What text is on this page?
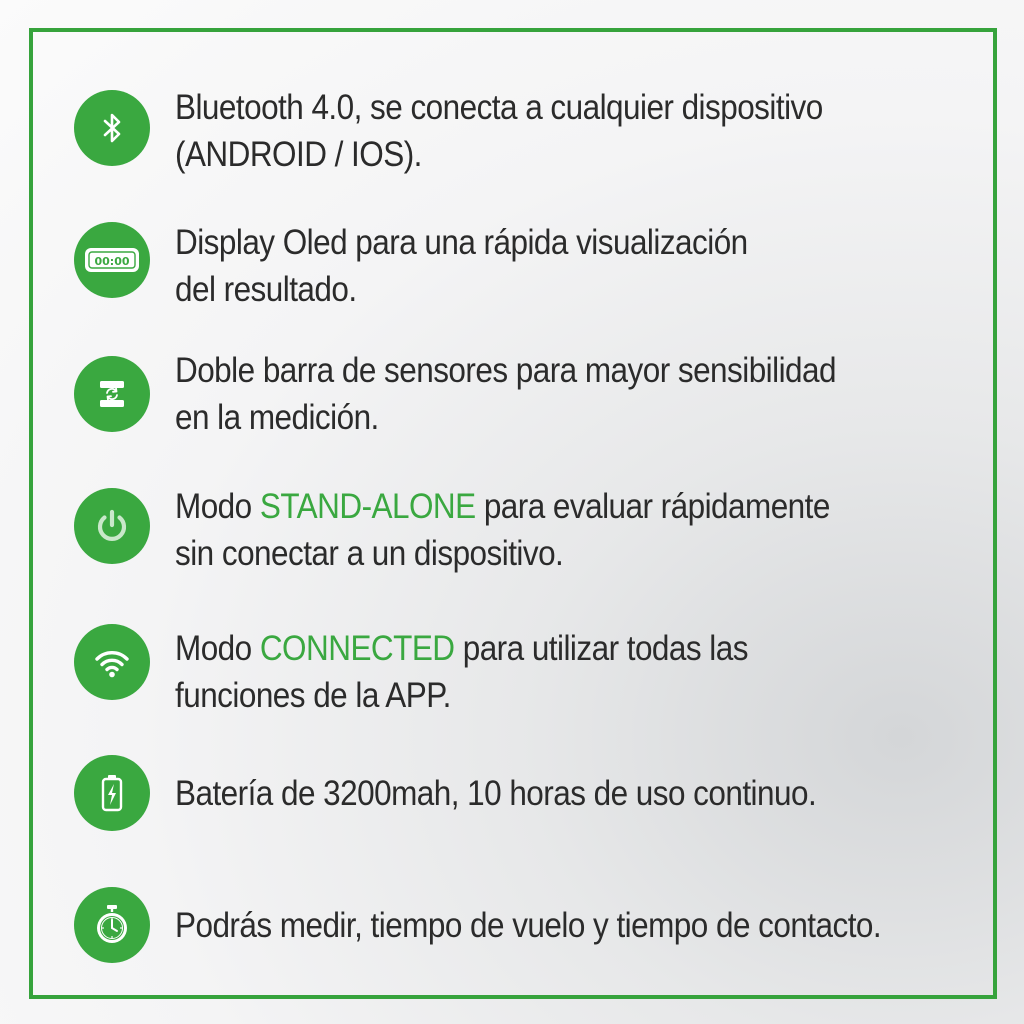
Bluetooth 4.0, se conecta a cualquier dispositivo
(ANDROID / IOS).
00:00 Display Oled para una rápida visualización
del resultado.
Doble barra de sensores para mayor sensibilidad
en la medición.
Modo STAND-ALONE para evaluar rápidamente
sin conectar a un dispositivo.
Modo CONNECTED para utilizar todas las
funciones de la APP.
Batería de 3200mah, 10 horas de uso continuo.
Podrás medir, tiempo de vuelo y tiempo de contacto.
